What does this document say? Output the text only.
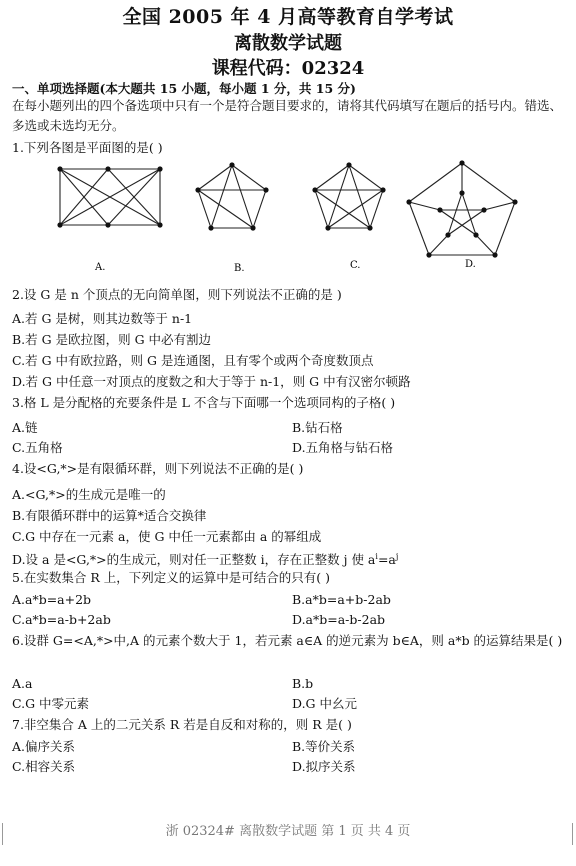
全国 2005 年 4 月高等教育自学考试
离散数学试题
课程代码：02324
一、单项选择题(本大题共 15 小题，每小题 1 分，共 15 分)
在每小题列出的四个备选项中只有一个是符合题目要求的，请将其代码填写在题后的括号内。错选、多选或未选均无分。
1.下列各图是平面图的是( )
A.	B.	C.	D.
2.设 G 是 n 个顶点的无向简单图，则下列说法不正确的是 )
A.若 G 是树，则其边数等于 n-1
B.若 G 是欧拉图，则 G 中必有割边
C.若 G 中有欧拉路，则 G 是连通图，且有零个或两个奇度数顶点
D.若 G 中任意一对顶点的度数之和大于等于 n-1，则 G 中有汉密尔顿路
3.格 L 是分配格的充要条件是 L 不含与下面哪一个选项同构的子格( )
A.链	B.钻石格
C.五角格	D.五角格与钻石格
4.设<G,*>是有限循环群，则下列说法不正确的是( )
A.<G,*>的生成元是唯一的
B.有限循环群中的运算*适合交换律
C.G 中存在一元素 a，使 G 中任一元素都由 a 的幂组成
D.设 a 是<G,*>的生成元，则对任一正整数 i，存在正整数 j 使 $a^i=a^j$
5.在实数集合 R 上，下列定义的运算中是可结合的只有( )
A.a*b=a+2b	B.a*b=a+b-2ab
C.a*b=a-b+2ab	D.a*b=a-b-2ab
6.设群 G=<A,*>中,A 的元素个数大于 1，若元素 a∈A 的逆元素为 b∈A，则 a*b 的运算结果是( )
A.a	B.b
C.G 中零元素	D.G 中幺元
7.非空集合 A 上的二元关系 R 若是自反和对称的，则 R 是( )
A.偏序关系	B.等价关系
C.相容关系	D.拟序关系
浙 02324# 离散数学试题 第 1 页 共 4 页
